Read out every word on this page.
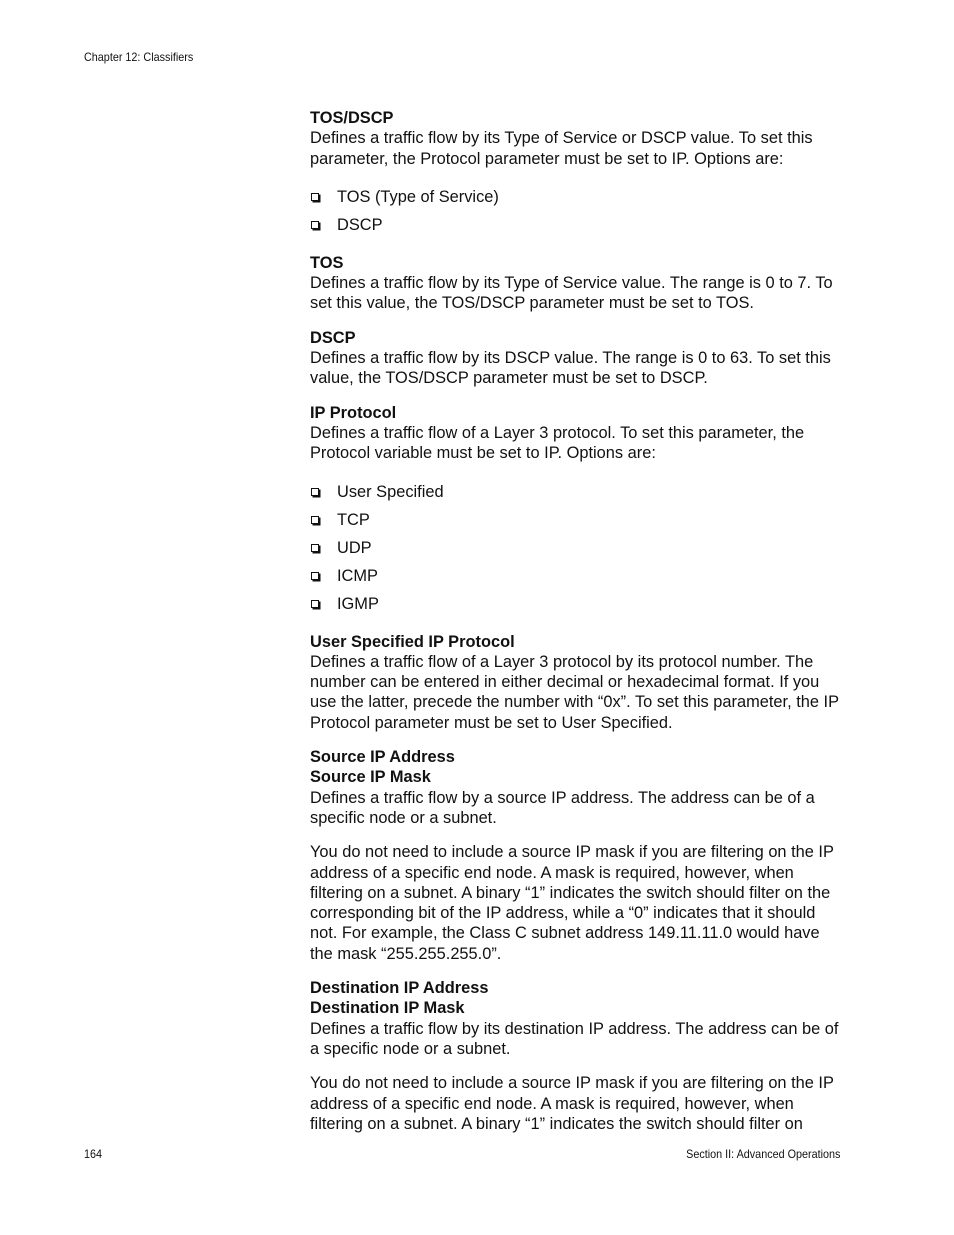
Chapter 12: Classifiers

TOS/DSCP

Defines a traffic flow by its Type of Service or DSCP value. To set this parameter, the Protocol parameter must be set to IP. Options are:

TOS (Type of Service)
DSCP

TOS

Defines a traffic flow by its Type of Service value. The range is 0 to 7. To set this value, the TOS/DSCP parameter must be set to TOS.

DSCP

Defines a traffic flow by its DSCP value. The range is 0 to 63. To set this value, the TOS/DSCP parameter must be set to DSCP.

IP Protocol

Defines a traffic flow of a Layer 3 protocol. To set this parameter, the Protocol variable must be set to IP. Options are:

User Specified
TCP
UDP
ICMP
IGMP

User Specified IP Protocol

Defines a traffic flow of a Layer 3 protocol by its protocol number. The number can be entered in either decimal or hexadecimal format. If you use the latter, precede the number with “0x”. To set this parameter, the IP Protocol parameter must be set to User Specified.

Source IP Address

Source IP Mask

Defines a traffic flow by a source IP address. The address can be of a specific node or a subnet.

You do not need to include a source IP mask if you are filtering on the IP address of a specific end node. A mask is required, however, when filtering on a subnet. A binary “1” indicates the switch should filter on the corresponding bit of the IP address, while a “0” indicates that it should not. For example, the Class C subnet address 149.11.11.0 would have the mask “255.255.255.0”.

Destination IP Address

Destination IP Mask

Defines a traffic flow by its destination IP address. The address can be of a specific node or a subnet.

You do not need to include a source IP mask if you are filtering on the IP address of a specific end node. A mask is required, however, when filtering on a subnet. A binary “1” indicates the switch should filter on

164	Section II: Advanced Operations
